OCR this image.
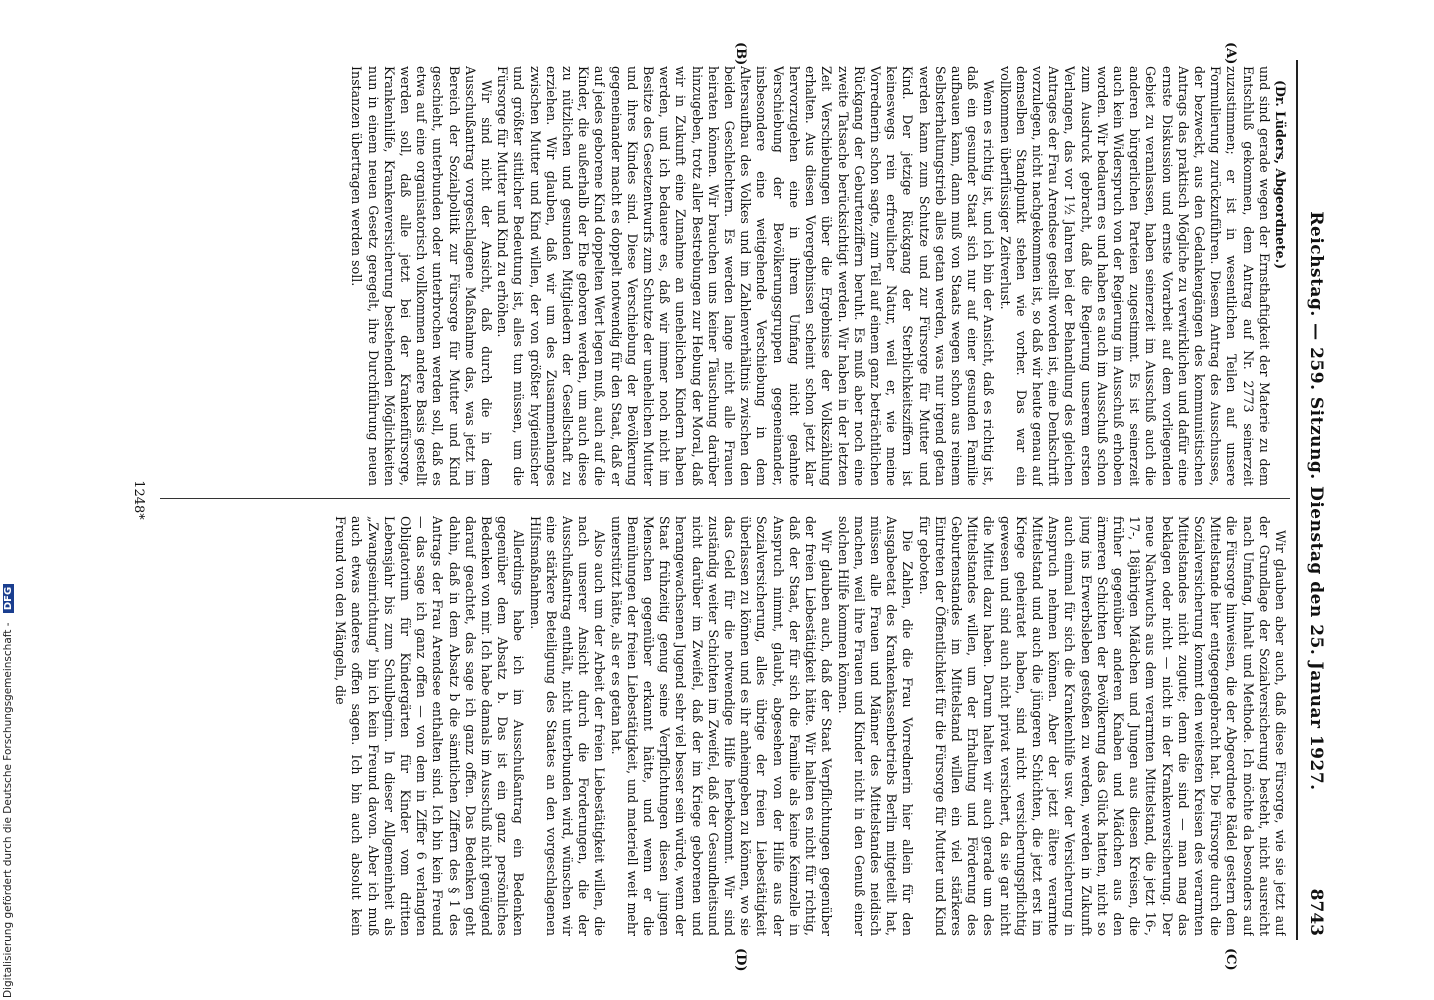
Reichstag. — 259. Sitzung. Dienstag den 25. Januar 1927.
8743
(A)
(B)
(C)
(D)

(Dr. Lüders, Abgeordnete.)

und sind gerade wegen der Ernsthaftigkeit der Materie zu dem Entschluß gekommen, dem Antrag auf Nr. 2773 seinerzeit zuzustimmen; er ist in wesentlichen Teilen auf unsere Formulierung zurückzuführen. Diesem Antrag des Ausschusses, der bezweckt, aus den Gedankengängen des kommunistischen Antrags das praktisch Mögliche zu verwirklichen und dafür eine ernste Diskussion und ernste Vorarbeit auf dem vorliegenden Gebiet zu veranlassen, haben seinerzeit im Ausschuß auch die anderen bürgerlichen Parteien zugestimmt. Es ist seinerzeit auch kein Widerspruch von der Regierung im Ausschuß erhoben worden. Wir bedauern es und haben es auch im Ausschuß schon zum Ausdruck gebracht, daß die Regierung unserem ersten Verlangen, das vor 1½ Jahren bei der Behandlung des gleichen Antrages der Frau Arendsee gestellt worden ist, eine Denkschrift vorzulegen, nicht nachgekommen ist, so daß wir heute genau auf demselben Standpunkt stehen wie vorher. Das war ein vollkommen überflüssiger Zeitverlust.

Wenn es richtig ist, und ich bin der Ansicht, daß es richtig ist, daß ein gesunder Staat sich nur auf einer gesunden Familie aufbauen kann, dann muß von Staats wegen schon aus reinem Selbsterhaltungstrieb alles getan werden, was nur irgend getan werden kann zum Schutze und zur Fürsorge für Mutter und Kind. Der jetzige Rückgang der Sterblichkeitsziffern ist keineswegs rein erfreulicher Natur, weil er, wie meine Vorrednerin schon sagte, zum Teil auf einem ganz beträchtlichen Rückgang der Geburtenziffern beruht. Es muß aber noch eine zweite Tatsache berücksichtigt werden. Wir haben in der letzten Zeit Verschiebungen über die Ergebnisse der Volkszählung erhalten. Aus diesen Vorergebnissen scheint schon jetzt klar hervorzugehen eine in ihrem Umfang nicht geahnte Verschiebung der Bevölkerungsgruppen gegeneinander, insbesondere eine weitgehende Verschiebung in dem Altersaufbau des Volkes und im Zahlenverhältnis zwischen den beiden Geschlechtern. Es werden lange nicht alle Frauen heiraten können. Wir brauchen uns keiner Täuschung darüber hinzugeben, trotz aller Bestrebungen zur Hebung der Moral, daß wir in Zukunft eine Zunahme an unehelichen Kindern haben werden, und ich bedauere es, daß wir immer noch nicht im Besitze des Gesetzentwurfs zum Schutze der unehelichen Mutter und ihres Kindes sind. Diese Verschiebung der Bevölkerung gegeneinander macht es doppelt notwendig für den Staat, daß er auf jedes geborene Kind doppelten Wert legen muß, auch auf die Kinder, die außerhalb der Ehe geboren werden, um auch diese zu nützlichen und gesunden Mitgliedern der Gesellschaft zu erziehen. Wir glauben, daß wir um des Zusammenhanges zwischen Mutter und Kind willen, der von größter hygienischer und größter sittlicher Bedeutung ist, alles tun müssen, um die Fürsorge für Mutter und Kind zu erhöhen.

Wir sind nicht der Ansicht, daß durch die in dem Ausschußantrag vorgeschlagene Maßnahme das, was jetzt im Bereich der Sozialpolitik zur Fürsorge für Mutter und Kind geschieht, unterbunden oder unterbrochen werden soll, daß es etwa auf eine organisatorisch vollkommen andere Basis gestellt werden soll, daß alle jetzt bei der Krankenfürsorge, Krankenhilfe, Krankenversicherung bestehenden Möglichkeiten nun in einem neuen Gesetz geregelt, ihre Durchführung neuen Instanzen übertragen werden soll.

Wir glauben aber auch, daß diese Fürsorge, wie sie jetzt auf der Grundlage der Sozialversicherung besteht, nicht ausreicht nach Umfang, Inhalt und Methode. Ich möchte da besonders auf die Fürsorge hinweisen, die der Abgeordnete Rädel gestern dem Mittelstande hier entgegengebracht hat. Die Fürsorge durch die Sozialversicherung kommt den weitesten Kreisen des verarmten Mittelstandes nicht zugute; denn die sind — man mag das beklagen oder nicht — nicht in der Krankenversicherung. Der neue Nachwuchs aus dem verarmten Mittelstand, die jetzt 16-, 17-, 18jährigen Mädchen und Jungen aus diesen Kreisen, die früher gegenüber anderen Knaben und Mädchen aus den ärmeren Schichten der Bevölkerung das Glück hatten, nicht so jung ins Erwerbsleben gestoßen zu werden, werden in Zukunft auch einmal für sich die Krankenhilfe usw. der Versicherung in Anspruch nehmen können. Aber der jetzt ältere verarmte Mittelstand und auch die jüngeren Schichten, die jetzt erst im Kriege geheiratet haben, sind nicht versicherungspflichtig gewesen und sind auch nicht privat versichert, da sie gar nicht die Mittel dazu haben. Darum halten wir auch gerade um des Mittelstandes willen, um der Erhaltung und Förderung des Geburtenstandes im Mittelstand willen ein viel stärkeres Eintreten der Öffentlichkeit für die Fürsorge für Mutter und Kind für geboten.

Die Zahlen, die die Frau Vorrednerin hier allein für den Ausgabeetat des Krankenkassenbetriebs Berlin mitgeteilt hat, müssen alle Frauen und Männer des Mittelstandes neidisch machen, weil ihre Frauen und Kinder nicht in den Genuß einer solchen Hilfe kommen können.

Wir glauben auch, daß der Staat Verpflichtungen gegenüber der freien Liebestätigkeit hätte. Wir halten es nicht für richtig, daß der Staat, der für sich die Familie als keine Keimzelle in Anspruch nimmt, glaubt, abgesehen von der Hilfe aus der Sozialversicherung, alles übrige der freien Liebestätigkeit überlassen zu können und es ihr anheimgeben zu können, wo sie das Geld für die notwendige Hilfe herbekommt. Wir sind zuständig weiter Schichten im Zweifel, daß der Gesundheitsund nicht darüber im Zweifel, daß der im Kriege geborenen und herangewachsenen Jugend sehr viel besser sein würde, wenn der Staat frühzeitig genug seine Verpflichtungen diesen jungen Menschen gegenüber erkannt hätte, und wenn er die Bemühungen der freien Liebestätigkeit, und materiell weit mehr unterstützt hätte, als er es getan hat.

Also auch um der Arbeit der freien Liebestätigkeit willen, die nach unserer Ansicht durch die Forderungen, die der Ausschußantrag enthält, nicht unterbunden wird, wünschen wir eine stärkere Beteiligung des Staates an den vorgeschlagenen Hilfsmaßnahmen.

Allerdings habe ich im Ausschußantrag ein Bedenken gegenüber dem Absatz b. Das ist ein ganz persönliches Bedenken von mir. Ich habe damals im Ausschuß nicht genügend darauf geachtet, das sage ich ganz offen. Das Bedenken geht dahin, daß in dem Absatz b die sämtlichen Ziffern des § 1 des Antrags der Frau Arendsee enthalten sind. Ich bin kein Freund — das sage ich ganz offen — von dem in Ziffer 6 verlangten Obligatorium für Kindergärten für Kinder vom dritten Lebensjahr bis zum Schulbeginn. In dieser Allgemeinheit als „Zwangseinrichtung“ bin ich kein Freund davon. Aber ich muß auch etwas anderes offen sagen. Ich bin auch absolut kein Freund von den Mängeln, die

1248*
Digitalisierung gefördert durch die Deutsche Forschungsgemeinschaft - DFG
